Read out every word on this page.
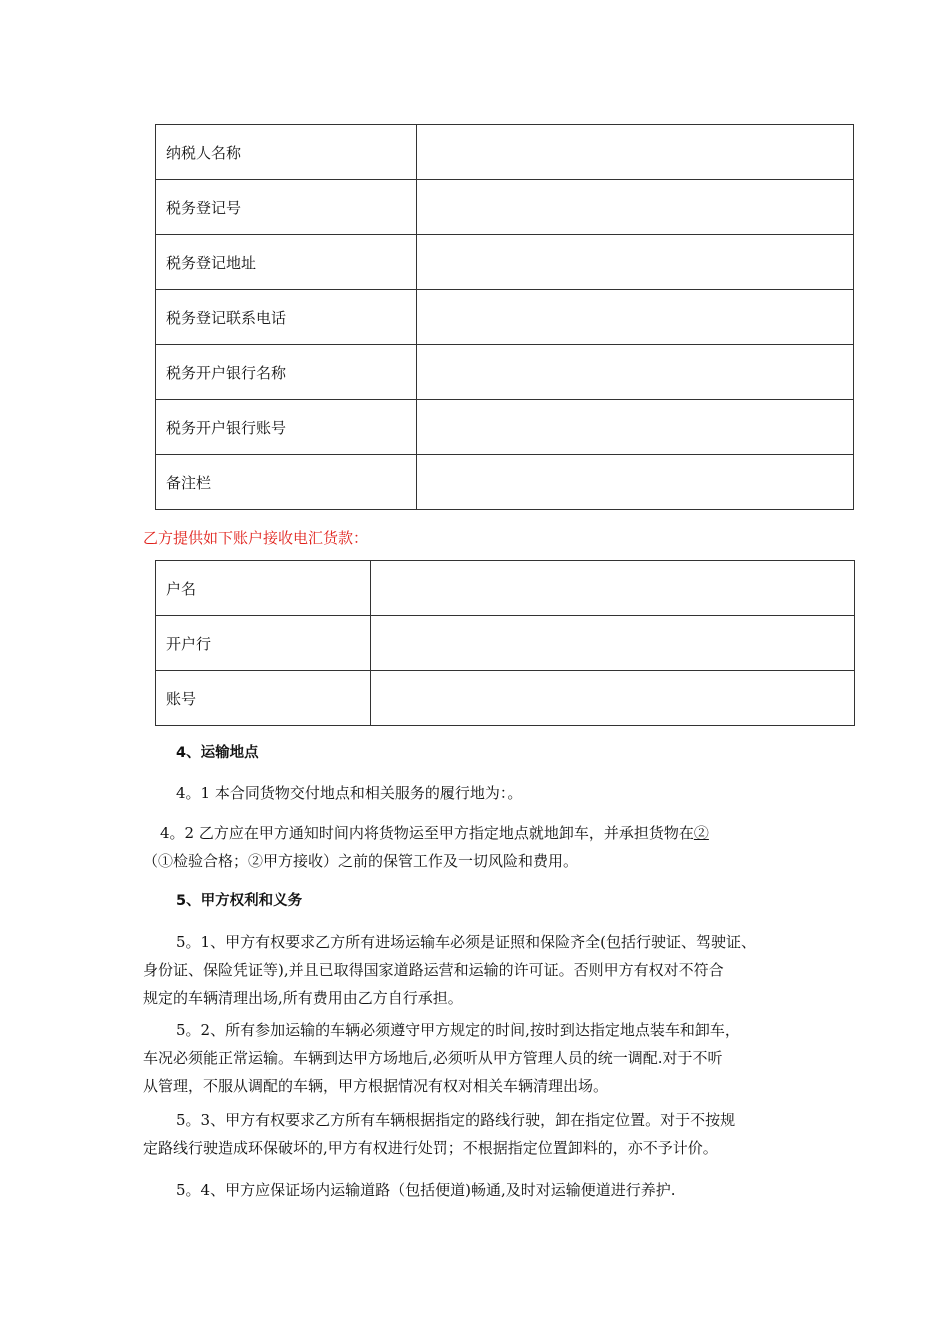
纳税人名称	
税务登记号	
税务登记地址	
税务登记联系电话	
税务开户银行名称	
税务开户银行账号	
备注栏	
乙方提供如下账户接收电汇货款：
户名	
开户行	
账号	
4、运输地点
4。1 本合同货物交付地点和相关服务的履行地为：。
4。2 乙方应在甲方通知时间内将货物运至甲方指定地点就地卸车，并承担货物在②
（①检验合格；②甲方接收）之前的保管工作及一切风险和费用。
5、甲方权利和义务
5。1、甲方有权要求乙方所有进场运输车必须是证照和保险齐全(包括行驶证、驾驶证、
身份证、保险凭证等),并且已取得国家道路运营和运输的许可证。否则甲方有权对不符合
规定的车辆清理出场,所有费用由乙方自行承担。
5。2、所有参加运输的车辆必须遵守甲方规定的时间,按时到达指定地点装车和卸车，
车况必须能正常运输。车辆到达甲方场地后,必须听从甲方管理人员的统一调配.对于不听
从管理，不服从调配的车辆，甲方根据情况有权对相关车辆清理出场。
5。3、甲方有权要求乙方所有车辆根据指定的路线行驶，卸在指定位置。对于不按规
定路线行驶造成环保破坏的,甲方有权进行处罚；不根据指定位置卸料的，亦不予计价。
5。4、甲方应保证场内运输道路（包括便道)畅通,及时对运输便道进行养护.
